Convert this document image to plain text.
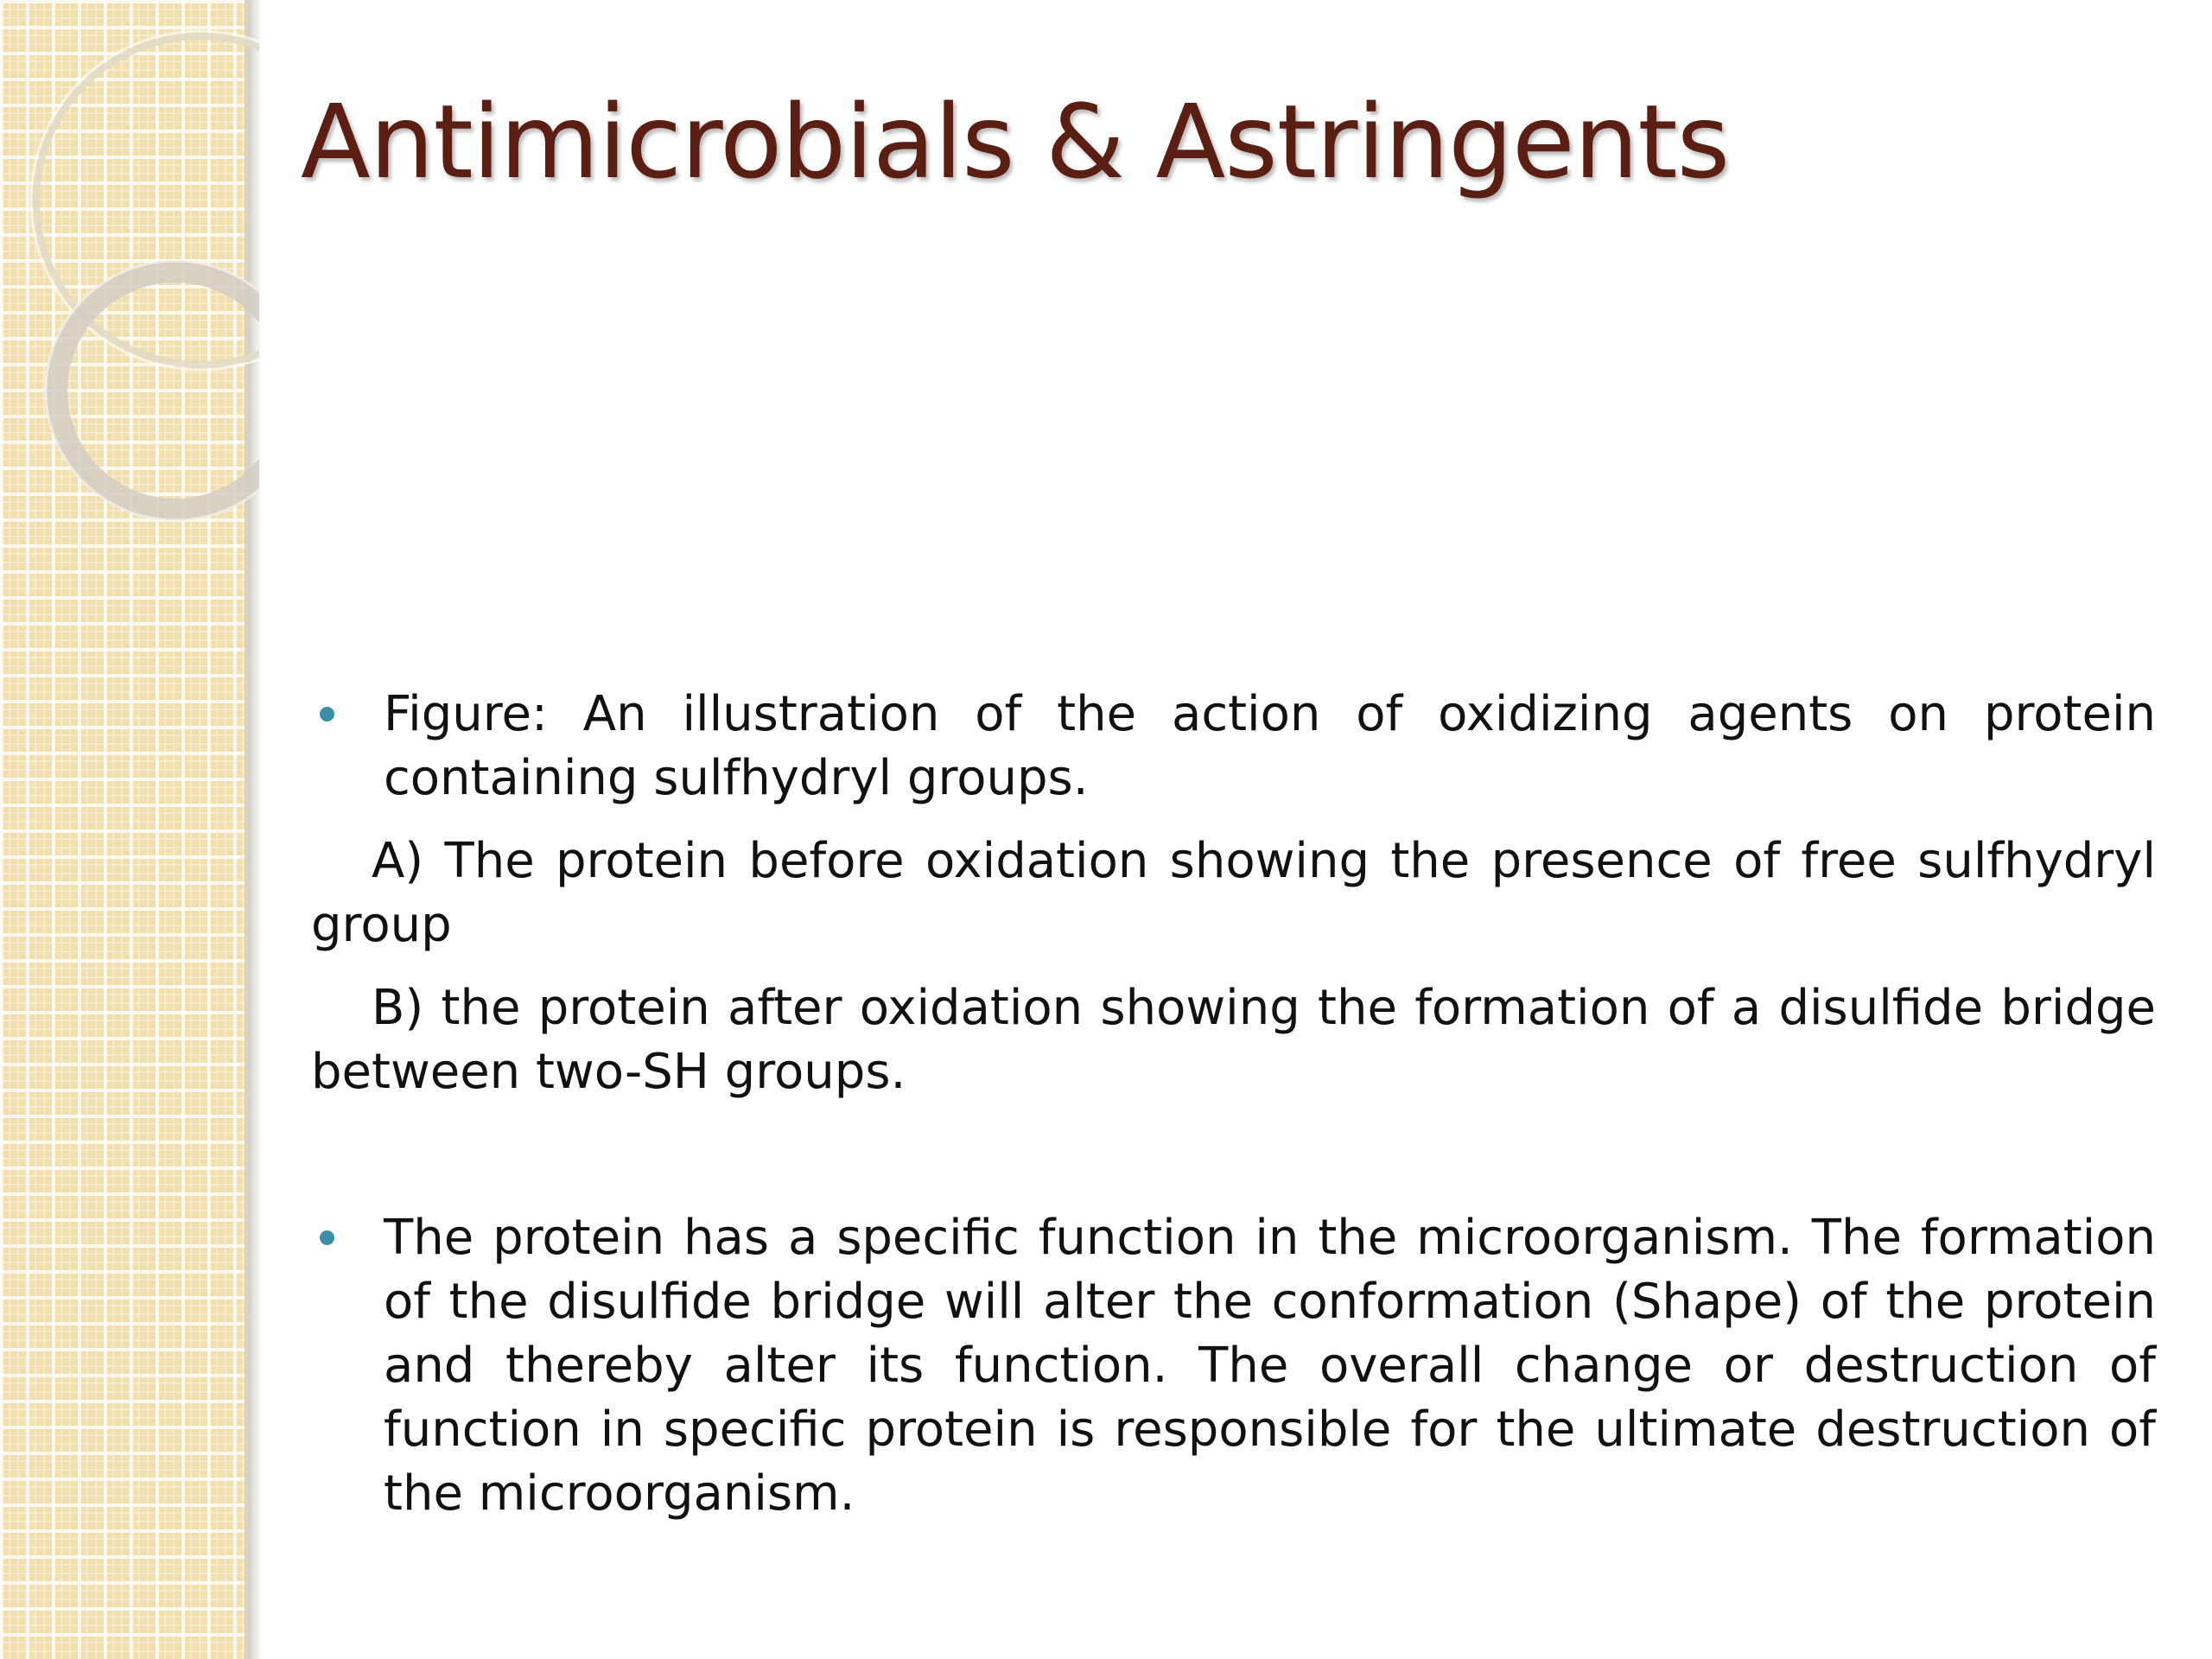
Antimicrobials & Astringents
Figure: An illustration of the action of oxidizing agents on protein containing sulfhydryl groups.

A) The protein before oxidation showing the presence of free sulfhydryl group

B) the protein after oxidation showing the formation of a disulfide bridge between two-SH groups.

The protein has a specific function in the microorganism. The formation of the disulfide bridge will alter the conformation (Shape) of the protein and thereby alter its function. The overall change or destruction of function in specific protein is responsible for the ultimate destruction of the microorganism.
